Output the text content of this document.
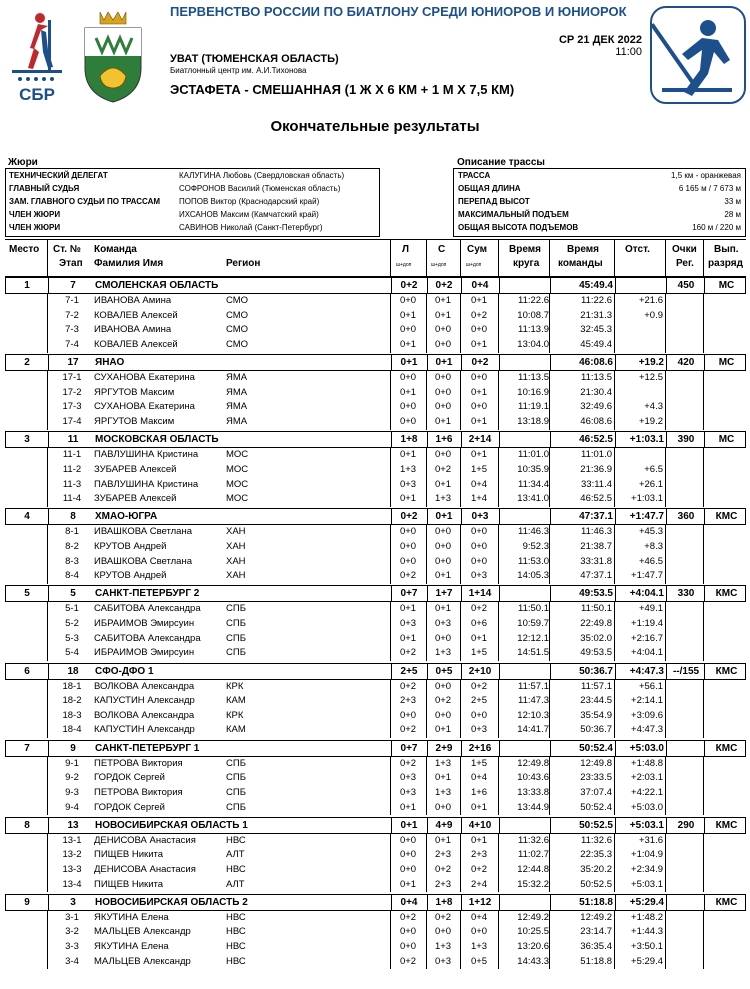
СБР
ПЕРВЕНСТВО РОССИИ ПО БИАТЛОНУ СРЕДИ ЮНИОРОВ И ЮНИОРОК
УВАТ (ТЮМЕНСКАЯ ОБЛАСТЬ)
Биатлонный центр им. А.И.Тихонова
СР 21 ДЕК 2022
11:00
ЭСТАФЕТА - СМЕШАННАЯ (1 Ж Х 6 КМ + 1 М Х 7,5 КМ)
Окончательные результаты
Жюри
ТЕХНИЧЕСКИЙ ДЕЛЕГАТ	КАЛУГИНА Любовь (Свердловская область)
ГЛАВНЫЙ СУДЬЯ	СОФРОНОВ Василий (Тюменская область)
ЗАМ. ГЛАВНОГО СУДЬИ ПО ТРАССАМ ПОПОВ Виктор (Краснодарский край)
ЧЛЕН ЖЮРИ	ИХСАНОВ Максим (Камчатский край)
ЧЛЕН ЖЮРИ	САВИНОВ Николай (Санкт-Петербург)
Описание трассы
ТРАССА	1,5 км - оранжевая
ОБЩАЯ ДЛИНА	6 165 м / 7 673 м
ПЕРЕПАД ВЫСОТ	33 м
МАКСИМАЛЬНЫЙ ПОДЪЕМ	28 м
ОБЩАЯ ВЫСОТА ПОДЪЕМОВ	160 м / 220 м
Место Ст. №
Этап
Команда
Фамилия Имя	Регион
Л
ш+доп
С
ш+доп
Сум
ш+доп
Время
круга
Время
команды
Отст. Очки
Рег.
Вып.
разряд
1	7	СМОЛЕНСКАЯ ОБЛАСТЬ	0+2	0+2	0+4	45:49.4	450	МС
7-1	ИВАНОВА Амина	СМО	0+0	0+1	0+1	11:22.6	11:22.6	+21.6
7-2	КОВАЛЕВ Алексей	СМО	0+1	0+1	0+2	10:08.7	21:31.3	+0.9
7-3	ИВАНОВА Амина	СМО	0+0	0+0	0+0	11:13.9	32:45.3
7-4	КОВАЛЕВ Алексей	СМО	0+1	0+0	0+1	13:04.0	45:49.4
2	17	ЯНАО	0+1	0+1	0+2	46:08.6	+19.2	420	МС
17-1	СУХАНОВА Екатерина	ЯМА	0+0	0+0	0+0	11:13.5	11:13.5	+12.5
17-2	ЯРГУТОВ Максим	ЯМА	0+1	0+0	0+1	10:16.9	21:30.4
17-3	СУХАНОВА Екатерина	ЯМА	0+0	0+0	0+0	11:19.1	32:49.6	+4.3
17-4	ЯРГУТОВ Максим	ЯМА	0+0	0+1	0+1	13:18.9	46:08.6	+19.2
3	11	МОСКОВСКАЯ ОБЛАСТЬ	1+8	1+6	2+14	46:52.5	+1:03.1	390	МС
11-1	ПАВЛУШИНА Кристина	МОС	0+1	0+0	0+1	11:01.0	11:01.0
11-2	ЗУБАРЕВ Алексей	МОС	1+3	0+2	1+5	10:35.9	21:36.9	+6.5
11-3	ПАВЛУШИНА Кристина	МОС	0+3	0+1	0+4	11:34.4	33:11.4	+26.1
11-4	ЗУБАРЕВ Алексей	МОС	0+1	1+3	1+4	13:41.0	46:52.5	+1:03.1
4	8	ХМАО-ЮГРА	0+2	0+1	0+3	47:37.1	+1:47.7	360	КМС
8-1	ИВАШКОВА Светлана	ХАН	0+0	0+0	0+0	11:46.3	11:46.3	+45.3
8-2	КРУТОВ Андрей	ХАН	0+0	0+0	0+0	9:52.3	21:38.7	+8.3
8-3	ИВАШКОВА Светлана	ХАН	0+0	0+0	0+0	11:53.0	33:31.8	+46.5
8-4	КРУТОВ Андрей	ХАН	0+2	0+1	0+3	14:05.3	47:37.1	+1:47.7
5	5	САНКТ-ПЕТЕРБУРГ 2	0+7	1+7	1+14	49:53.5	+4:04.1	330	КМС
5-1	САБИТОВА Александра	СПБ	0+1	0+1	0+2	11:50.1	11:50.1	+49.1
5-2	ИБРАИМОВ Эмирсуин	СПБ	0+3	0+3	0+6	10:59.7	22:49.8	+1:19.4
5-3	САБИТОВА Александра	СПБ	0+1	0+0	0+1	12:12.1	35:02.0	+2:16.7
5-4	ИБРАИМОВ Эмирсуин	СПБ	0+2	1+3	1+5	14:51.5	49:53.5	+4:04.1
6	18	СФО-ДФО 1	2+5	0+5	2+10	50:36.7	+4:47.3 --/155	КМС
18-1	ВОЛКОВА Александра	КРК	0+2	0+0	0+2	11:57.1	11:57.1	+56.1
18-2	КАПУСТИН Александр	КАМ	2+3	0+2	2+5	11:47.3	23:44.5	+2:14.1
18-3	ВОЛКОВА Александра	КРК	0+0	0+0	0+0	12:10.3	35:54.9	+3:09.6
18-4	КАПУСТИН Александр	КАМ	0+2	0+1	0+3	14:41.7	50:36.7	+4:47.3
7	9	САНКТ-ПЕТЕРБУРГ 1	0+7	2+9	2+16	50:52.4	+5:03.0	КМС
9-1	ПЕТРОВА Виктория	СПБ	0+2	1+3	1+5	12:49.8	12:49.8	+1:48.8
9-2	ГОРДОК Сергей	СПБ	0+3	0+1	0+4	10:43.6	23:33.5	+2:03.1
9-3	ПЕТРОВА Виктория	СПБ	0+3	1+3	1+6	13:33.8	37:07.4	+4:22.1
9-4	ГОРДОК Сергей	СПБ	0+1	0+0	0+1	13:44.9	50:52.4	+5:03.0
8	13	НОВОСИБИРСКАЯ ОБЛАСТЬ 1	0+1	4+9	4+10	50:52.5	+5:03.1	290	КМС
13-1	ДЕНИСОВА Анастасия	НВС	0+0	0+1	0+1	11:32.6	11:32.6	+31.6
13-2	ПИЩЕВ Никита	АЛТ	0+0	2+3	2+3	11:02.7	22:35.3	+1:04.9
13-3	ДЕНИСОВА Анастасия	НВС	0+0	0+2	0+2	12:44.8	35:20.2	+2:34.9
13-4	ПИЩЕВ Никита	АЛТ	0+1	2+3	2+4	15:32.2	50:52.5	+5:03.1
9	3	НОВОСИБИРСКАЯ ОБЛАСТЬ 2	0+4	1+8	1+12	51:18.8	+5:29.4	КМС
3-1	ЯКУТИНА Елена	НВС	0+2	0+2	0+4	12:49.2	12:49.2	+1:48.2
3-2	МАЛЬЦЕВ Александр	НВС	0+0	0+0	0+0	10:25.5	23:14.7	+1:44.3
3-3	ЯКУТИНА Елена	НВС	0+0	1+3	1+3	13:20.6	36:35.4	+3:50.1
3-4	МАЛЬЦЕВ Александр	НВС	0+2	0+3	0+5	14:43.3	51:18.8	+5:29.4
